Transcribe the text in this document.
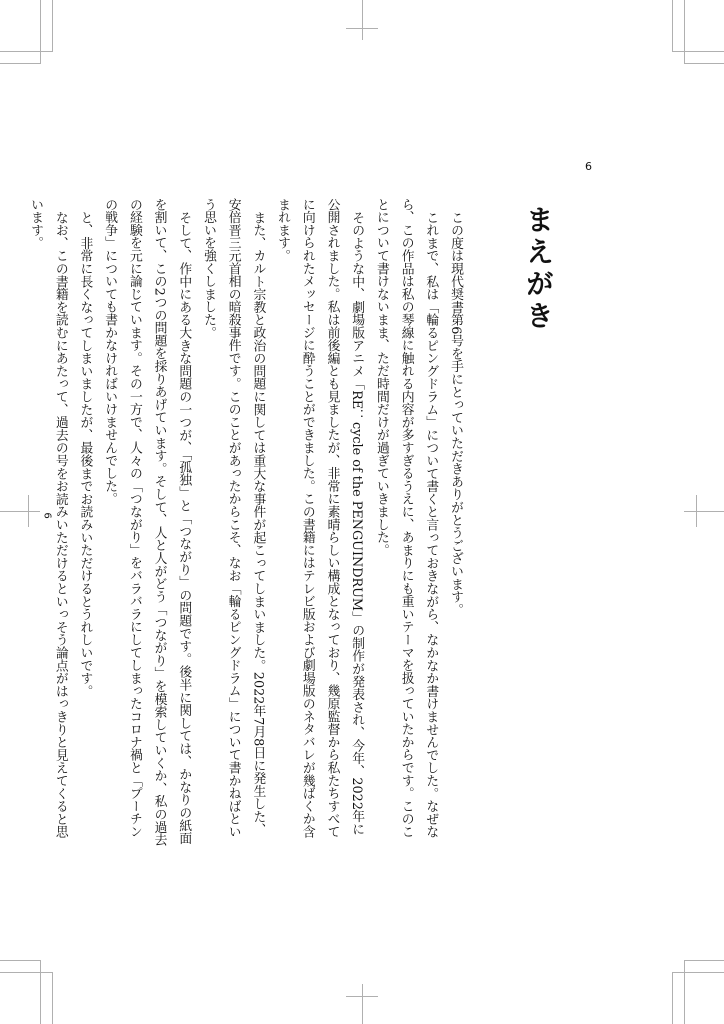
6
6
まえがき

この度は現代奨書第6号を手にとっていただきありがとうございます。

これまで、私は「輪るピングドラム」について書くと言っておきながら、なかなか書けませんでした。なぜなら、この作品は私の琴線に触れる内容が多すぎるうえに、あまりにも重いテーマを扱っていたからです。このことについて書けないまま、ただ時間だけが過ぎていきました。

そのような中、劇場版アニメ「RE：cycle of the PENGUINDRUM」の制作が発表され、今年、2022年に公開されました。私は前後編とも見ましたが、非常に素晴らしい構成となっており、幾原監督から私たちすべてに向けられたメッセージに酔うことができました。この書籍にはテレビ版および劇場版のネタバレが幾ばくか含まれます。

また、カルト宗教と政治の問題に関しては重大な事件が起こってしまいました。2022年7月8日に発生した、安倍晋三元首相の暗殺事件です。このことがあったからこそ、なお「輪るピングドラム」について書かねばという思いを強くしました。

そして、作中にある大きな問題の一つが、「孤独」と「つながり」の問題です。後半に関しては、かなりの紙面を割いて、この2つの問題を採りあげています。そして、人と人がどう「つながり」を模索していくか、私の過去の経験を元に論じています。その一方で、人々の「つながり」をバラバラにしてしまったコロナ禍と「プーチンの戦争」についても書かなければいけませんでした。

と、非常に長くなってしまいましたが、最後までお読みいただけるとうれしいです。

なお、この書籍を読むにあたって、過去の号をお読みいただけるといっそう論点がはっきりと見えてくると思います。
